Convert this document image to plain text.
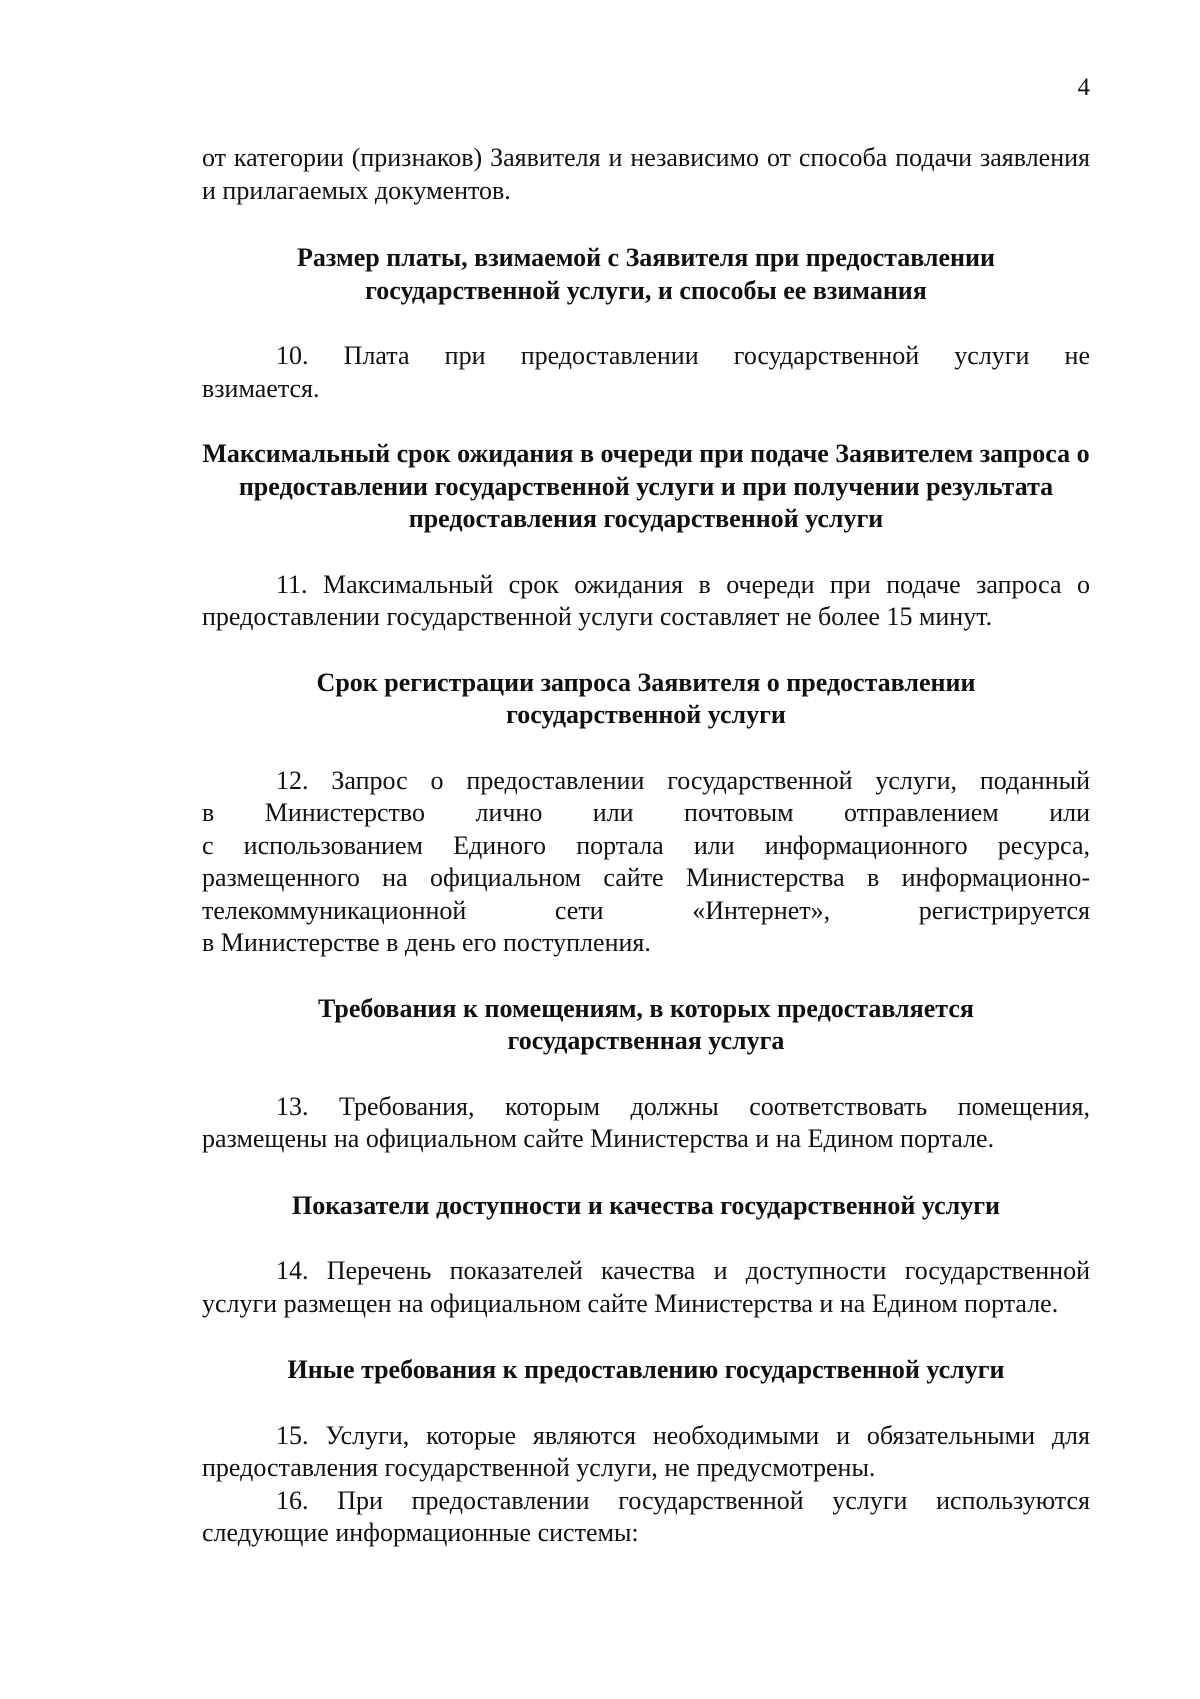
4

от категории (признаков) Заявителя и независимо от способа подачи заявления и прилагаемых документов.

Размер платы, взимаемой с Заявителя при предоставлении государственной услуги, и способы ее взимания

10. Плата при предоставлении государственной услуги не
взимается.

Максимальный срок ожидания в очереди при подаче Заявителем запроса о предоставлении государственной услуги и при получении результата предоставления государственной услуги

11. Максимальный срок ожидания в очереди при подаче запроса о предоставлении государственной услуги составляет не более 15 минут.

Срок регистрации запроса Заявителя о предоставлении государственной услуги

12. Запрос о предоставлении государственной услуги, поданный
в Министерство лично или почтовым отправлением или
с использованием Единого портала или информационного ресурса,
размещенного на официальном сайте Министерства в информационно-
телекоммуникационной сети «Интернет», регистрируется
в Министерстве в день его поступления.

Требования к помещениям, в которых предоставляется государственная услуга

13. Требования, которым должны соответствовать помещения, размещены на официальном сайте Министерства и на Едином портале.

Показатели доступности и качества государственной услуги

14. Перечень показателей качества и доступности государственной услуги размещен на официальном сайте Министерства и на Едином портале.

Иные требования к предоставлению государственной услуги

15. Услуги, которые являются необходимыми и обязательными для предоставления государственной услуги, не предусмотрены.

16. При предоставлении государственной услуги используются следующие информационные системы:
